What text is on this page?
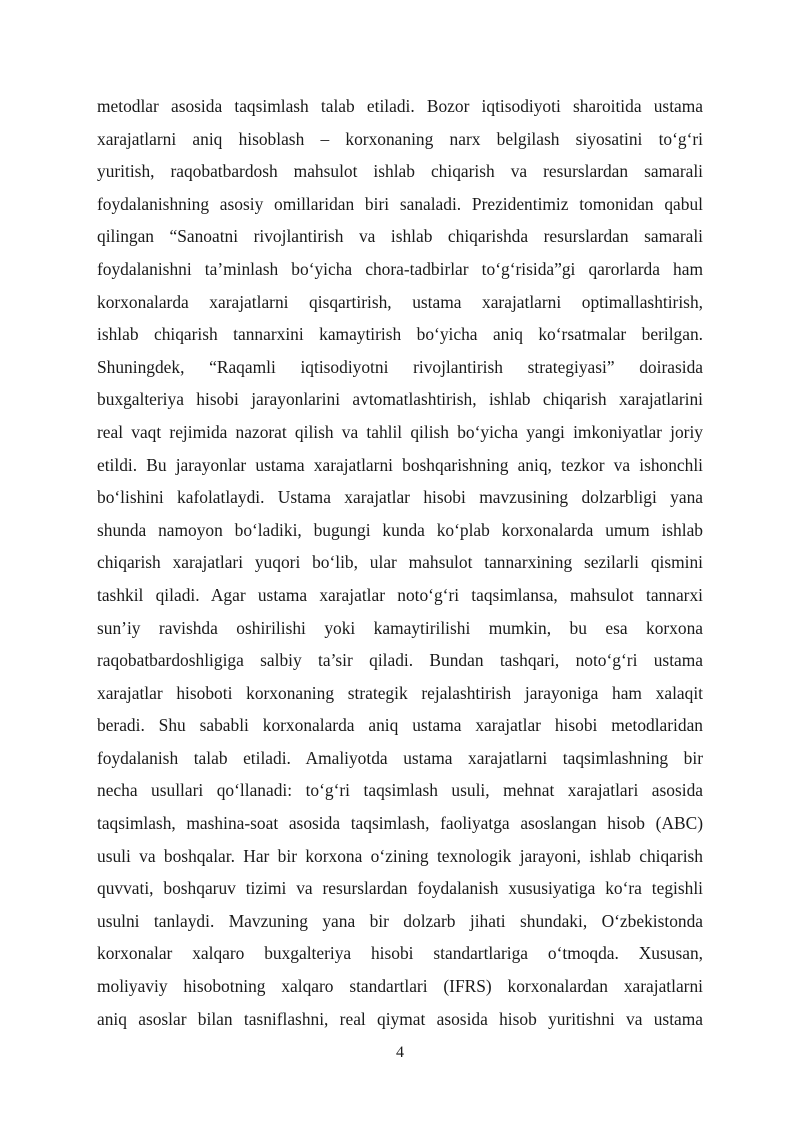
metodlar asosida taqsimlash talab etiladi. Bozor iqtisodiyoti sharoitida ustama
xarajatlarni aniq hisoblash – korxonaning narx belgilash siyosatini to‘g‘ri
yuritish, raqobatbardosh mahsulot ishlab chiqarish va resurslardan samarali
foydalanishning asosiy omillaridan biri sanaladi. Prezidentimiz tomonidan qabul
qilingan “Sanoatni rivojlantirish va ishlab chiqarishda resurslardan samarali
foydalanishni ta’minlash bo‘yicha chora-tadbirlar to‘g‘risida”gi qarorlarda ham
korxonalarda xarajatlarni qisqartirish, ustama xarajatlarni optimallashtirish,
ishlab chiqarish tannarxini kamaytirish bo‘yicha aniq ko‘rsatmalar berilgan.
Shuningdek, “Raqamli iqtisodiyotni rivojlantirish strategiyasi” doirasida
buxgalteriya hisobi jarayonlarini avtomatlashtirish, ishlab chiqarish xarajatlarini
real vaqt rejimida nazorat qilish va tahlil qilish bo‘yicha yangi imkoniyatlar joriy
etildi. Bu jarayonlar ustama xarajatlarni boshqarishning aniq, tezkor va ishonchli
bo‘lishini kafolatlaydi. Ustama xarajatlar hisobi mavzusining dolzarbligi yana
shunda namoyon bo‘ladiki, bugungi kunda ko‘plab korxonalarda umum ishlab
chiqarish xarajatlari yuqori bo‘lib, ular mahsulot tannarxining sezilarli qismini
tashkil qiladi. Agar ustama xarajatlar noto‘g‘ri taqsimlansa, mahsulot tannarxi
sun’iy ravishda oshirilishi yoki kamaytirilishi mumkin, bu esa korxona
raqobatbardoshligiga salbiy ta’sir qiladi. Bundan tashqari, noto‘g‘ri ustama
xarajatlar hisoboti korxonaning strategik rejalashtirish jarayoniga ham xalaqit
beradi. Shu sababli korxonalarda aniq ustama xarajatlar hisobi metodlaridan
foydalanish talab etiladi. Amaliyotda ustama xarajatlarni taqsimlashning bir
necha usullari qo‘llanadi: to‘g‘ri taqsimlash usuli, mehnat xarajatlari asosida
taqsimlash, mashina-soat asosida taqsimlash, faoliyatga asoslangan hisob (ABC)
usuli va boshqalar. Har bir korxona o‘zining texnologik jarayoni, ishlab chiqarish
quvvati, boshqaruv tizimi va resurslardan foydalanish xususiyatiga ko‘ra tegishli
usulni tanlaydi. Mavzuning yana bir dolzarb jihati shundaki, O‘zbekistonda
korxonalar xalqaro buxgalteriya hisobi standartlariga o‘tmoqda. Xususan,
moliyaviy hisobotning xalqaro standartlari (IFRS) korxonalardan xarajatlarni
aniq asoslar bilan tasniflashni, real qiymat asosida hisob yuritishni va ustama
4
